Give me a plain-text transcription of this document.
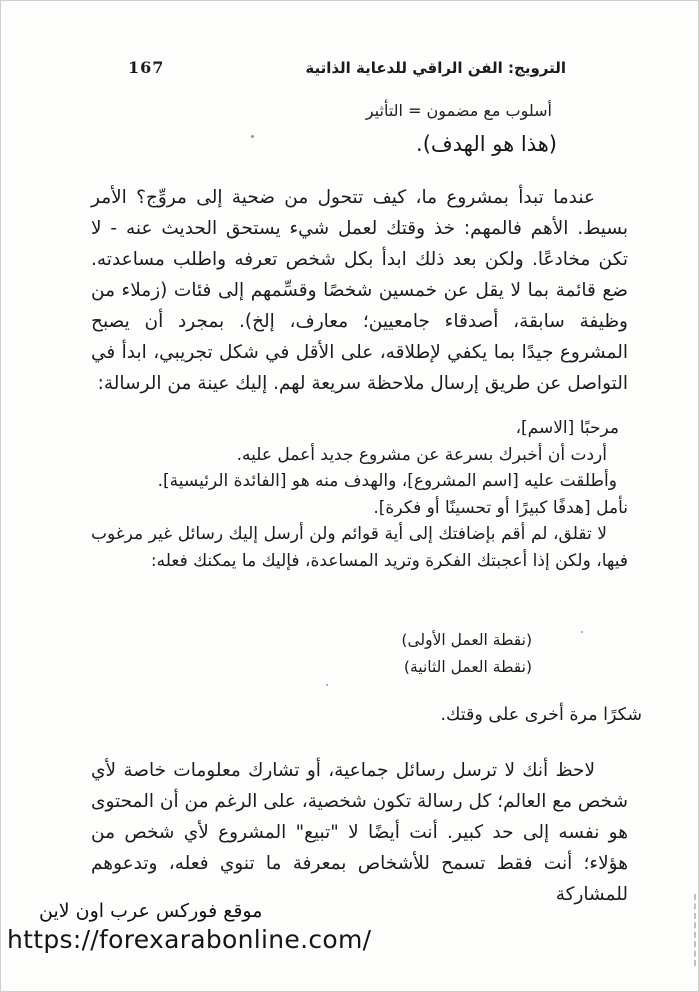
167	الترويج: الفن الراقي للدعاية الذاتية
أسلوب مع مضمون = التأثير
(هذا هو الهدف).

عندما تبدأ بمشروع ما، كيف تتحول من ضحية إلى مروِّج؟ الأمر بسيط. الأهم فالمهم: خذ وقتك لعمل شيء يستحق الحديث عنه - لا تكن مخادعًا. ولكن بعد ذلك ابدأ بكل شخص تعرفه واطلب مساعدته. ضع قائمة بما لا يقل عن خمسين شخصًا وقسِّمهم إلى فئات (زملاء من وظيفة سابقة، أصدقاء جامعيين؛ معارف، إلخ). بمجرد أن يصبح المشروع جيدًا بما يكفي لإطلاقه، على الأقل في شكل تجريبي، ابدأ في التواصل عن طريق إرسال ملاحظة سريعة لهم. إليك عينة من الرسالة:

مرحبًا [الاسم]،
أردت أن أخبرك بسرعة عن مشروع جديد أعمل عليه.
وأطلقت عليه [اسم المشروع]، والهدف منه هو [الفائدة الرئيسية].
نأمل [هدفًا كبيرًا أو تحسينًا أو فكرة].

لا تقلق، لم أقم بإضافتك إلى أية قوائم ولن أرسل إليك رسائل غير مرغوب فيها، ولكن إذا أعجبتك الفكرة وتريد المساعدة، فإليك ما يمكنك فعله:

(نقطة العمل الأولى)
(نقطة العمل الثانية)
شكرًا مرة أخرى على وقتك.

لاحظ أنك لا ترسل رسائل جماعية، أو تشارك معلومات خاصة لأي شخص مع العالم؛ كل رسالة تكون شخصية، على الرغم من أن المحتوى هو نفسه إلى حد كبير. أنت أيضًا لا "تبيع" المشروع لأي شخص من هؤلاء؛ أنت فقط تسمح للأشخاص بمعرفة ما تنوي فعله، وتدعوهم للمشاركة

موقع فوركس عرب اون لاين
https://forexarabonline.com/
